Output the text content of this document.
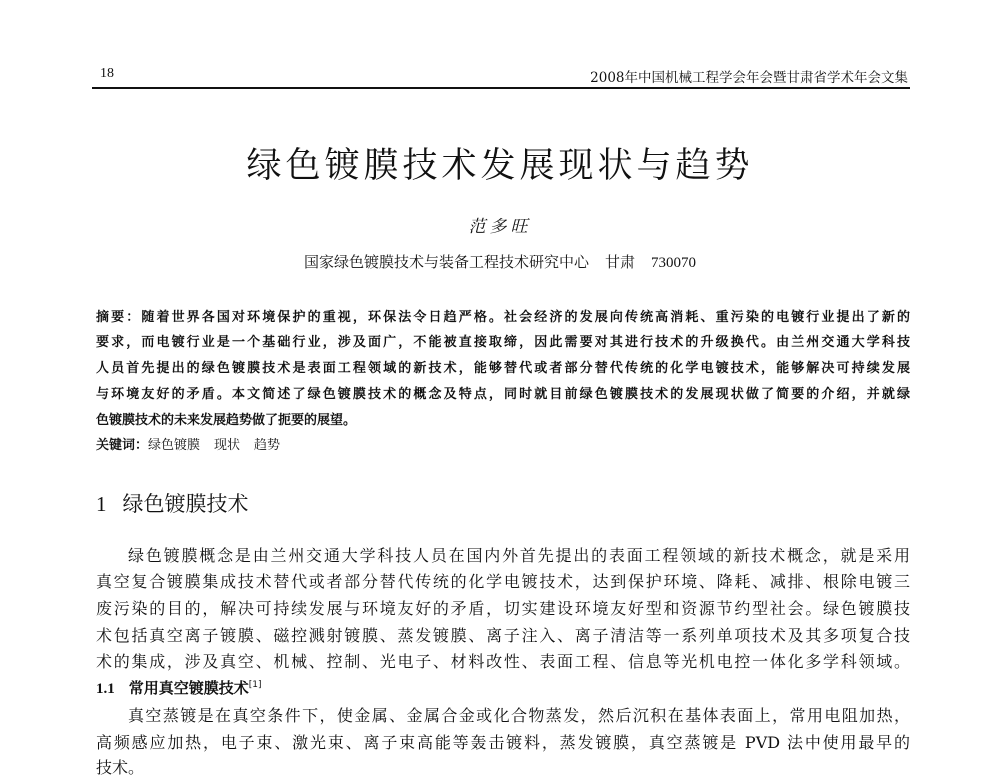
18	2008年中国机械工程学会年会暨甘肃省学术年会文集
绿色镀膜技术发展现状与趋势
范多旺
国家绿色镀膜技术与装备工程技术研究中心 甘肃 730070
摘要：随着世界各国对环境保护的重视，环保法令日趋严格。社会经济的发展向传统高消耗、重污染的电镀行业提出了新的
要求，而电镀行业是一个基础行业，涉及面广，不能被直接取缔，因此需要对其进行技术的升级换代。由兰州交通大学科技
人员首先提出的绿色镀膜技术是表面工程领域的新技术，能够替代或者部分替代传统的化学电镀技术，能够解决可持续发展
与环境友好的矛盾。本文简述了绿色镀膜技术的概念及特点，同时就目前绿色镀膜技术的发展现状做了简要的介绍，并就绿
色镀膜技术的未来发展趋势做了扼要的展望。
关键词：绿色镀膜 现状 趋势
1 绿色镀膜技术
绿色镀膜概念是由兰州交通大学科技人员在国内外首先提出的表面工程领域的新技术概念，就是采用
真空复合镀膜集成技术替代或者部分替代传统的化学电镀技术，达到保护环境、降耗、减排、根除电镀三
废污染的目的，解决可持续发展与环境友好的矛盾，切实建设环境友好型和资源节约型社会。绿色镀膜技
术包括真空离子镀膜、磁控溅射镀膜、蒸发镀膜、离子注入、离子清洁等一系列单项技术及其多项复合技
术的集成，涉及真空、机械、控制、光电子、材料改性、表面工程、信息等光机电控一体化多学科领域。
1.1 常用真空镀膜技术[1]
真空蒸镀是在真空条件下，使金属、金属合金或化合物蒸发，然后沉积在基体表面上，常用电阻加热，
高频感应加热，电子束、激光束、离子束高能等轰击镀料，蒸发镀膜，真空蒸镀是 PVD 法中使用最早的
技术。
